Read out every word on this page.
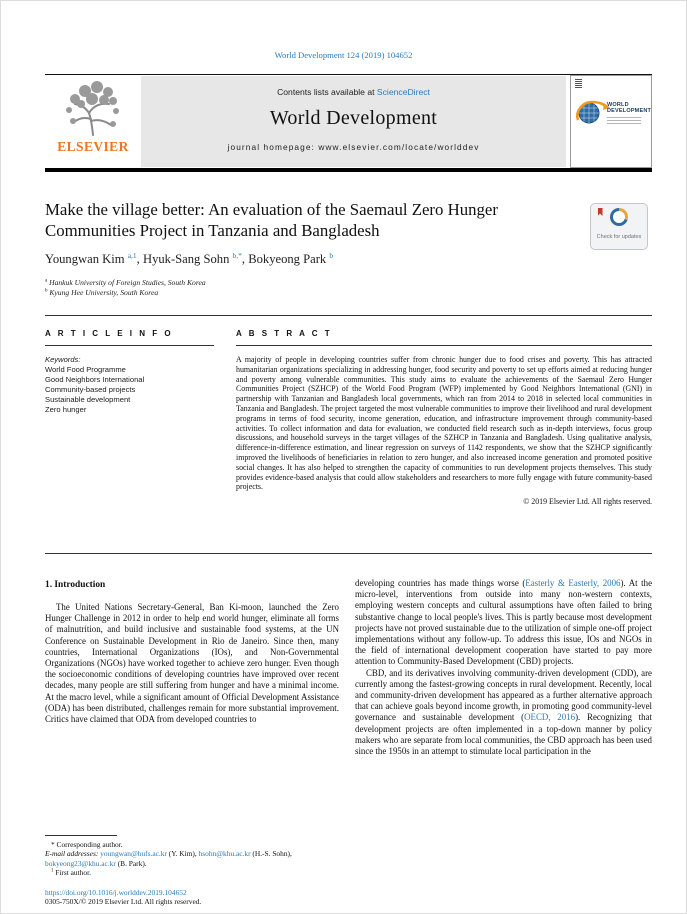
World Development 124 (2019) 104652
ELSEVIER
Contents lists available at ScienceDirect
World Development
journal homepage: www.elsevier.com/locate/worlddev
WORLD
DEVELOPMENT
Make the village better: An evaluation of the Saemaul Zero Hunger Communities Project in Tanzania and Bangladesh	Check for updates
Youngwan Kim $^{a,1}$, Hyuk-Sang Sohn $^{b,*}$, Bokyeong Park $^b$
$^a$ Hankuk University of Foreign Studies, South Korea
$^b$ Kyung Hee University, South Korea
A R T I C L E I N F O
Keywords:
World Food Programme
Good Neighbors International
Community-based projects
Sustainable development
Zero hunger
A B S T R A C T
A majority of people in developing countries suffer from chronic hunger due to food crises and poverty. This has attracted humanitarian organizations specializing in addressing hunger, food security and poverty to set up efforts aimed at reducing hunger and poverty among vulnerable communities. This study aims to evaluate the achievements of the Saemaul Zero Hunger Communities Project (SZHCP) of the World Food Program (WFP) implemented by Good Neighbors International (GNI) in partnership with Tanzanian and Bangladesh local governments, which ran from 2014 to 2018 in selected local communities in Tanzania and Bangladesh. The project targeted the most vulnerable communities to improve their livelihood and rural development programs in terms of food security, income generation, education, and infrastructure improvement through community-based activities. To collect information and data for evaluation, we conducted field research such as in-depth interviews, focus group discussions, and household surveys in the target villages of the SZHCP in Tanzania and Bangladesh. Using qualitative analysis, difference-in-difference estimation, and linear regression on surveys of 1142 respondents, we show that the SZHCP significantly improved the livelihoods of beneficiaries in relation to zero hunger, and also increased income generation and promoted positive social changes. It has also helped to strengthen the capacity of communities to run development projects themselves. This study provides evidence-based analysis that could allow stakeholders and researchers to more fully engage with future community-based projects.
© 2019 Elsevier Ltd. All rights reserved.
1. Introduction

The United Nations Secretary-General, Ban Ki-moon, launched the Zero Hunger Challenge in 2012 in order to help end world hunger, eliminate all forms of malnutrition, and build inclusive and sustainable food systems, at the UN Conference on Sustainable Development in Rio de Janeiro. Since then, many countries, International Organizations (IOs), and Non-Governmental Organizations (NGOs) have worked together to achieve zero hunger. Even though the socioeconomic conditions of developing countries have improved over recent decades, many people are still suffering from hunger and have a minimal income. At the macro level, while a significant amount of Official Development Assistance (ODA) has been distributed, challenges remain for more substantial improvement. Critics have claimed that ODA from developed countries to

developing countries has made things worse (Easterly & Easterly, 2006). At the micro-level, interventions from outside into many non-western contexts, employing western concepts and cultural assumptions have often failed to bring substantive change to local people's lives. This is partly because most development projects have not proved sustainable due to the utilization of simple one-off project implementations without any follow-up. To address this issue, IOs and NGOs in the field of international development cooperation have started to pay more attention to Community-Based Development (CBD) projects.

CBD, and its derivatives involving community-driven development (CDD), are currently among the fastest-growing concepts in rural development. Recently, local and community-driven development has appeared as a further alternative approach that can achieve goals beyond income growth, in promoting good community-level governance and sustainable development (OECD, 2016). Recognizing that development projects are often implemented in a top-down manner by policy makers who are separate from local communities, the CBD approach has been used since the 1950s in an attempt to stimulate local participation in the

* Corresponding author.

E-mail addresses: youngwan@hufs.ac.kr (Y. Kim), hsohn@khu.ac.kr (H.-S. Sohn), bokyeong23@khu.ac.kr (B. Park).

$^1$ First author.

https://doi.org/10.1016/j.worlddev.2019.104652
0305-750X/© 2019 Elsevier Ltd. All rights reserved.
